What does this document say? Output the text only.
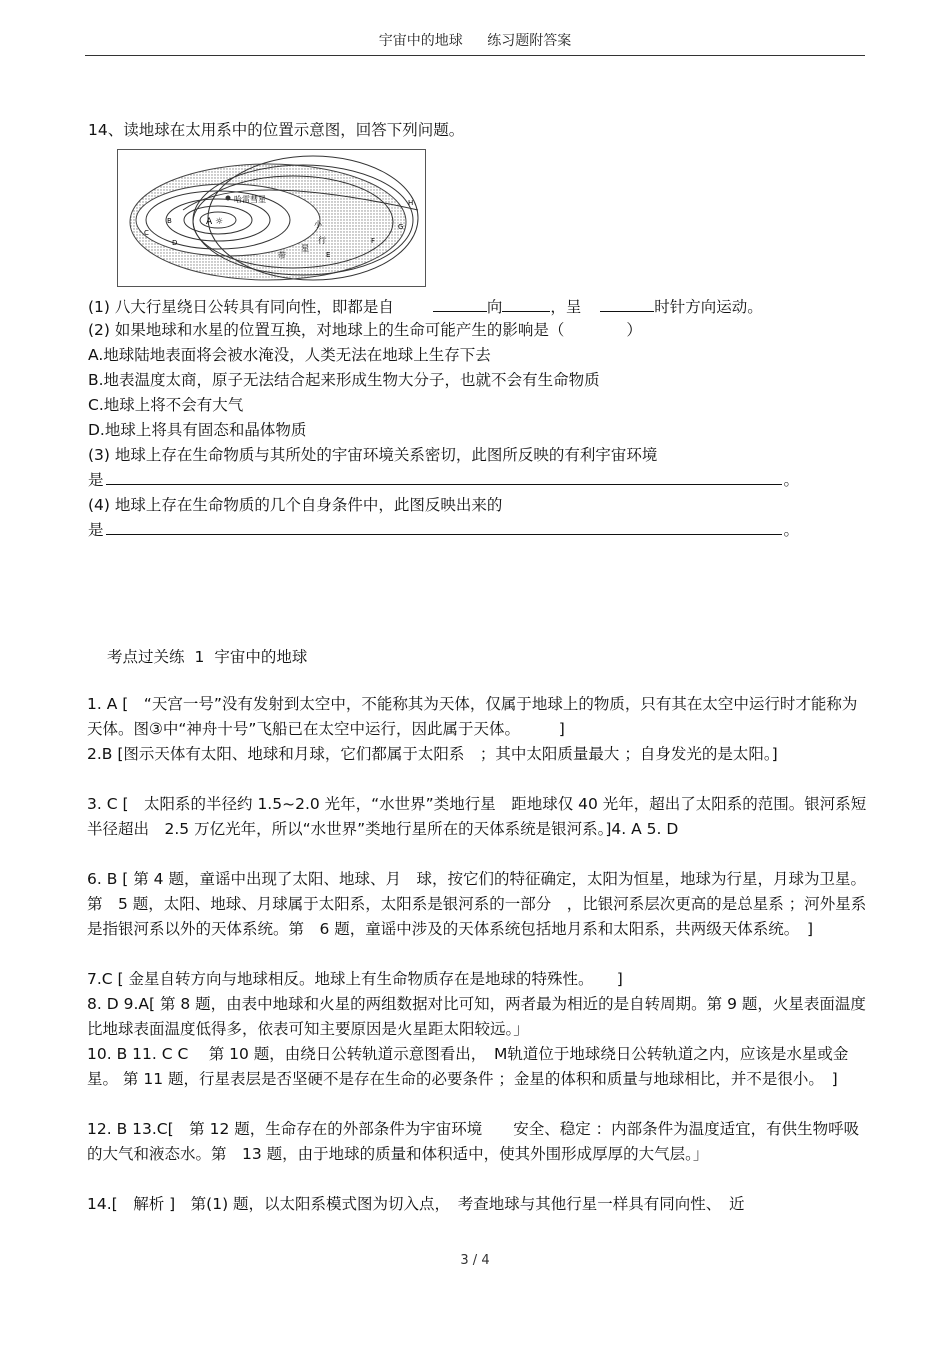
宇宙中的地球 练习题附答案
14、读地球在太用系中的位置示意图，回答下列问题。
哈雷彗星
A ☼
B
C
D
E
F
G
H
小
行
星
带
(1) 八大行星绕日公转具有同向性，即都是自	向	，呈	时针方向运动。
(2) 如果地球和水星的位置互换，对地球上的生命可能产生的影响是（　　　　）
A.地球陆地表面将会被水淹没，人类无法在地球上生存下去
B.地表温度太商，原子无法结合起来形成生物大分子，也就不会有生命物质
C.地球上将不会有大气
D.地球上将具有固态和晶体物质
(3) 地球上存在生命物质与其所处的宇宙环境关系密切，此图所反映的有利宇宙环境
是	。
(4) 地球上存在生命物质的几个自身条件中，此图反映出来的
是	。
考点过关练 1 宇宙中的地球
1. A [　“天宫一号”没有发射到太空中，不能称其为天体，仅属于地球上的物质，只有其在太空中运行时才能称为天体。图③中“神舟十号”飞船已在太空中运行，因此属于天体。　　　]
2.B [图示天体有太阳、地球和月球，它们都属于太阳系　；其中太阳质量最大 ；自身发光的是太阳。]
3. C [　太阳系的半径约 1.5~2.0 光年，“水世界”类地行星　距地球仅 40 光年，超出了太阳系的范围。银河系短半径超出　2.5 万亿光年，所以“水世界”类地行星所在的天体系统是银河系。]4. A 5. D
6. B [ 第 4 题，童谣中出现了太阳、地球、月　球，按它们的特征确定，太阳为恒星，地球为行星，月球为卫星。第　5 题，太阳、地球、月球属于太阳系，太阳系是银河系的一部分　，比银河系层次更高的是总星系 ；河外星系是指银河系以外的天体系统。第　6 题，童谣中涉及的天体系统包括地月系和太阳系，共两级天体系统。　]
7.C [ 金星自转方向与地球相反。地球上有生命物质存在是地球的特殊性。　　]
8. D 9.A[ 第 8 题，由表中地球和火星的两组数据对比可知，两者最为相近的是自转周期。第 9 题，火星表面温度比地球表面温度低得多，依表可知主要原因是火星距太阳较远。」
10. B 11. C C　 第 10 题，由绕日公转轨道示意图看出，　M轨道位于地球绕日公转轨道之内，应该是水星或金星。 第 11 题，行星表层是否坚硬不是存在生命的必要条件 ；金星的体积和质量与地球相比，并不是很小。　]
12. B 13.C[　第 12 题，生命存在的外部条件为宇宙环境　　安全、稳定 ：内部条件为温度适宜，有供生物呼吸的大气和液态水。第　13 题，由于地球的质量和体积适中，使其外围形成厚厚的大气层。」
14.[　解析 ]　第(1) 题，以太阳系模式图为切入点，　考查地球与其他行星一样具有同向性、　近
3 / 4
